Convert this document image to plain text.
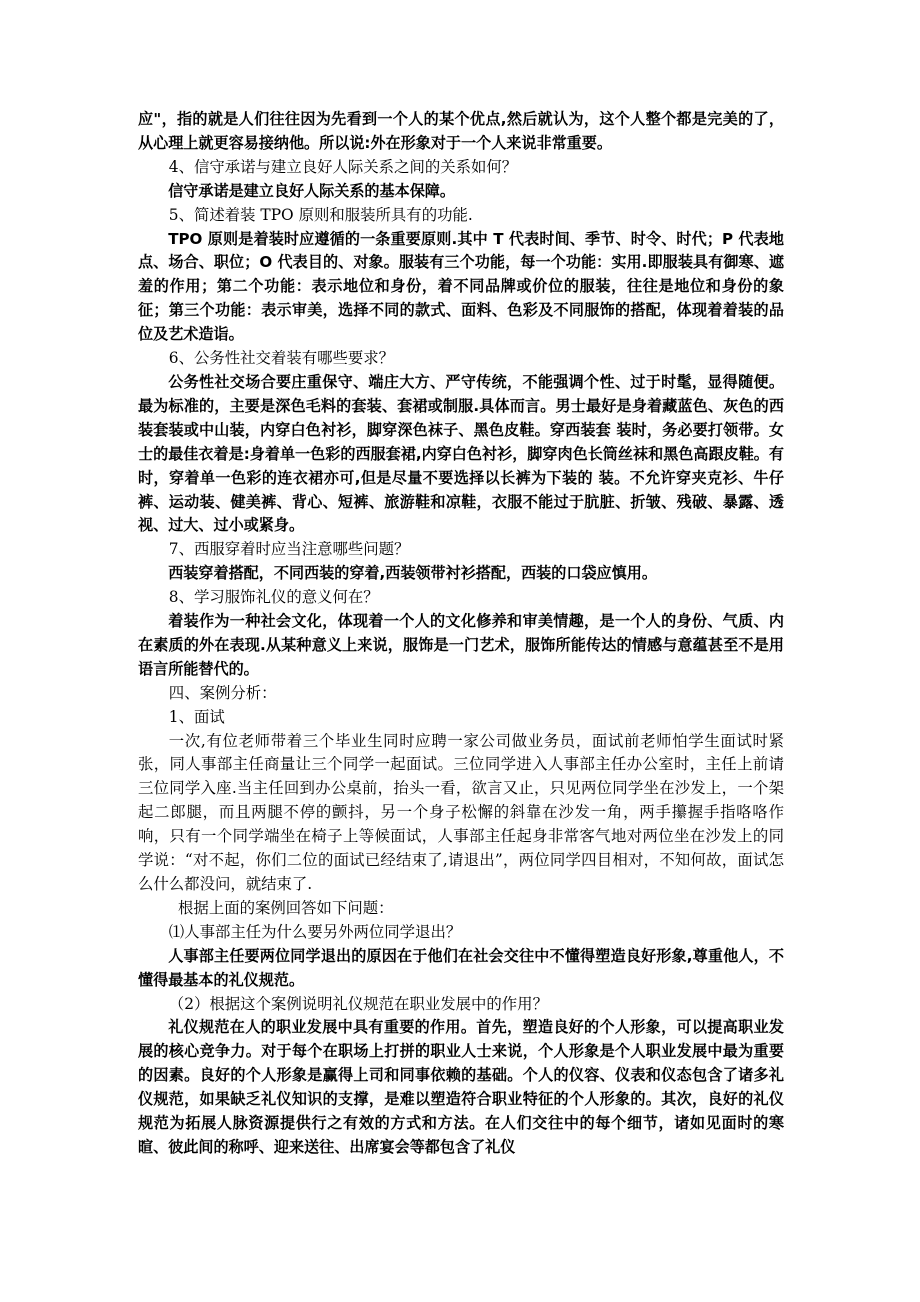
应"，指的就是人们往往因为先看到一个人的某个优点,然后就认为，这个人整个都是完美的了，从心理上就更容易接纳他。所以说:外在形象对于一个人来说非常重要。

4、信守承诺与建立良好人际关系之间的关系如何？

信守承诺是建立良好人际关系的基本保障。

5、简述着装 TPO 原则和服装所具有的功能.

TPO 原则是着装时应遵循的一条重要原则.其中 T 代表时间、季节、时令、时代；P 代表地点、场合、职位；O 代表目的、对象。服装有三个功能，每一个功能：实用.即服装具有御寒、遮羞的作用；第二个功能：表示地位和身份，着不同品牌或价位的服装，往往是地位和身份的象征；第三个功能：表示审美，选择不同的款式、面料、色彩及不同服饰的搭配，体现着着装的品位及艺术造诣。

6、公务性社交着装有哪些要求？

公务性社交场合要庄重保守、端庄大方、严守传统，不能强调个性、过于时髦，显得随便。最为标准的，主要是深色毛料的套装、套裙或制服.具体而言。男士最好是身着藏蓝色、灰色的西装套装或中山装，内穿白色衬衫，脚穿深色袜子、黑色皮鞋。穿西装套 装时，务必要打领带。女士的最佳衣着是:身着单一色彩的西服套裙,内穿白色衬衫，脚穿肉色长筒丝袜和黑色高跟皮鞋。有时，穿着单一色彩的连衣裙亦可,但是尽量不要选择以长裤为下装的 装。不允许穿夹克衫、牛仔裤、运动装、健美裤、背心、短裤、旅游鞋和凉鞋，衣服不能过于肮脏、折皱、残破、暴露、透视、过大、过小或紧身。

7、西服穿着时应当注意哪些问题？

西装穿着搭配，不同西装的穿着,西装领带衬衫搭配，西装的口袋应慎用。

8、学习服饰礼仪的意义何在？

着装作为一种社会文化，体现着一个人的文化修养和审美情趣，是一个人的身份、气质、内在素质的外在表现.从某种意义上来说，服饰是一门艺术，服饰所能传达的情感与意蕴甚至不是用语言所能替代的。

四、案例分析：

1、面试

一次,有位老师带着三个毕业生同时应聘一家公司做业务员，面试前老师怕学生面试时紧张，同人事部主任商量让三个同学一起面试。三位同学进入人事部主任办公室时，主任上前请三位同学入座.当主任回到办公桌前，抬头一看，欲言又止，只见两位同学坐在沙发上，一个架起二郎腿，而且两腿不停的颤抖，另一个身子松懈的斜靠在沙发一角，两手攥握手指咯咯作响，只有一个同学端坐在椅子上等候面试，人事部主任起身非常客气地对两位坐在沙发上的同学说：“对不起，你们二位的面试已经结束了,请退出”，两位同学四目相对，不知何故，面试怎么什么都没问，就结束了.

根据上面的案例回答如下问题：

⑴人事部主任为什么要另外两位同学退出？

人事部主任要两位同学退出的原因在于他们在社会交往中不懂得塑造良好形象,尊重他人，不懂得最基本的礼仪规范。

（2）根据这个案例说明礼仪规范在职业发展中的作用？

礼仪规范在人的职业发展中具有重要的作用。首先，塑造良好的个人形象，可以提高职业发展的核心竞争力。对于每个在职场上打拼的职业人士来说，个人形象是个人职业发展中最为重要的因素。良好的个人形象是赢得上司和同事依赖的基础。个人的仪容、仪表和仪态包含了诸多礼仪规范，如果缺乏礼仪知识的支撑，是难以塑造符合职业特征的个人形象的。其次，良好的礼仪规范为拓展人脉资源提供行之有效的方式和方法。在人们交往中的每个细节，诸如见面时的寒暄、彼此间的称呼、迎来送往、出席宴会等都包含了礼仪
